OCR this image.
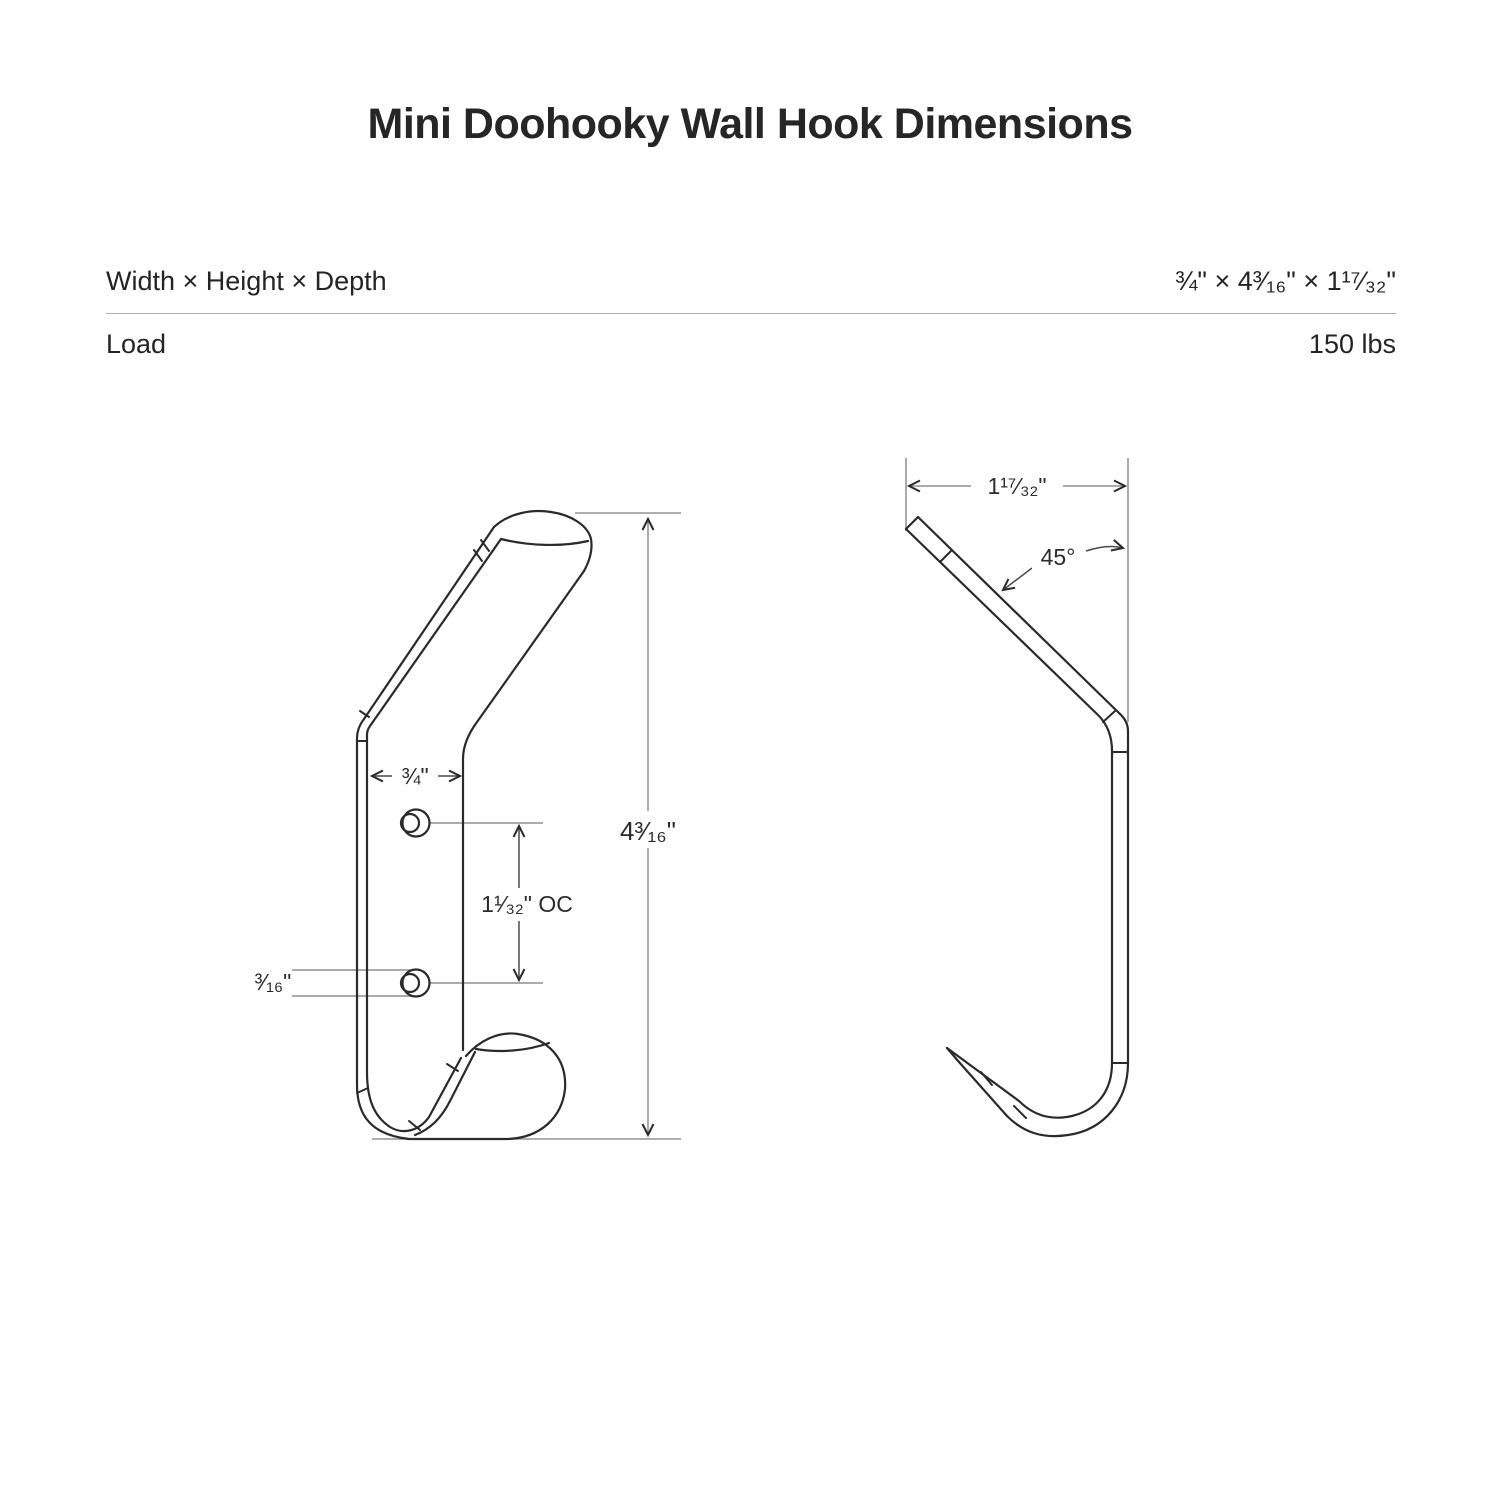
Mini Doohooky Wall Hook Dimensions
Width × Height × Depth	¾" × 4³⁄₁₆" × 1¹⁷⁄₃₂"
Load	150 lbs
¾"
4³⁄₁₆"
1¹⁄₃₂" OC
³⁄₁₆"
1¹⁷⁄₃₂"
45°
